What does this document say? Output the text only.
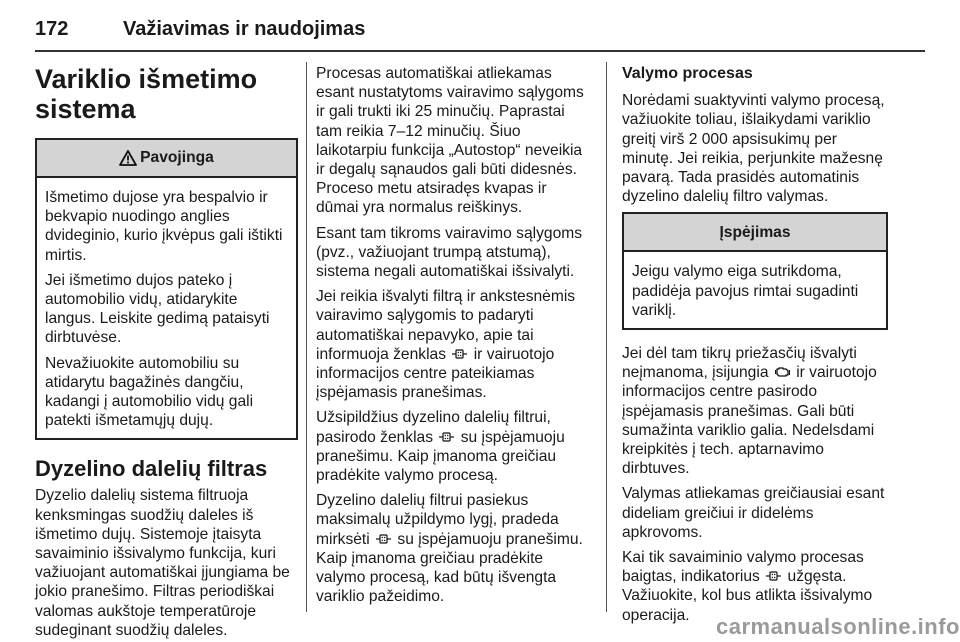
172	Važiavimas ir naudojimas
Variklio išmetimo sistema
Pavojinga

Išmetimo dujose yra bespalvio ir bekvapio nuodingo anglies dvideginio, kurio įkvėpus gali ištikti mirtis.

Jei išmetimo dujos pateko į automobilio vidų, atidarykite langus. Leiskite gedimą pataisyti dirbtuvėse.

Nevažiuokite automobiliu su atidarytu bagažinės dangčiu, kadangi į automobilio vidų gali patekti išmetamųjų dujų.

Dyzelino dalelių filtras

Dyzelio dalelių sistema filtruoja kenksmingas suodžių daleles iš išmetimo dujų. Sistemoje įtaisyta savaiminio išsivalymo funkcija, kuri važiuojant automatiškai įjungiama be jokio pranešimo. Filtras periodiškai valomas aukštoje temperatūroje sudeginant suodžių daleles.

Procesas automatiškai atliekamas esant nustatytoms vairavimo sąlygoms ir gali trukti iki 25 minučių. Paprastai tam reikia 7–12 minučių. Šiuo laikotarpiu funkcija „Autostop“ neveikia ir degalų sąnaudos gali būti didesnės. Proceso metu atsiradęs kvapas ir dūmai yra normalus reiškinys.

Esant tam tikroms vairavimo sąlygoms (pvz., važiuojant trumpą atstumą), sistema negali automatiškai išsivalyti.

Jei reikia išvalyti filtrą ir ankstesnėmis vairavimo sąlygomis to padaryti automatiškai nepavyko, apie tai informuoja ženklas ir vairuotojo informacijos centre pateikiamas įspėjamasis pranešimas.

Užsipildžius dyzelino dalelių filtrui, pasirodo ženklas su įspėjamuoju pranešimu. Kaip įmanoma greičiau pradėkite valymo procesą.

Dyzelino dalelių filtrui pasiekus maksimalų užpildymo lygį, pradeda mirksėti su įspėjamuoju pranešimu. Kaip įmanoma greičiau pradėkite valymo procesą, kad būtų išvengta variklio pažeidimo.

Valymo procesas

Norėdami suaktyvinti valymo procesą, važiuokite toliau, išlaikydami variklio greitį virš 2 000 apsisukimų per minutę. Jei reikia, perjunkite mažesnę pavarą. Tada prasidės automatinis dyzelino dalelių filtro valymas.

Įspėjimas

Jeigu valymo eiga sutrikdoma, padidėja pavojus rimtai sugadinti variklį.

Jei dėl tam tikrų priežasčių išvalyti neįmanoma, įsijungia ir vairuotojo informacijos centre pasirodo įspėjamasis pranešimas. Gali būti sumažinta variklio galia. Nedelsdami kreipkitės į tech. aptarnavimo dirbtuves.

Valymas atliekamas greičiausiai esant dideliam greičiui ir didelėms apkrovoms.

Kai tik savaiminio valymo procesas baigtas, indikatorius užgęsta. Važiuokite, kol bus atlikta išsivalymo operacija.	carmanualsonline.info
